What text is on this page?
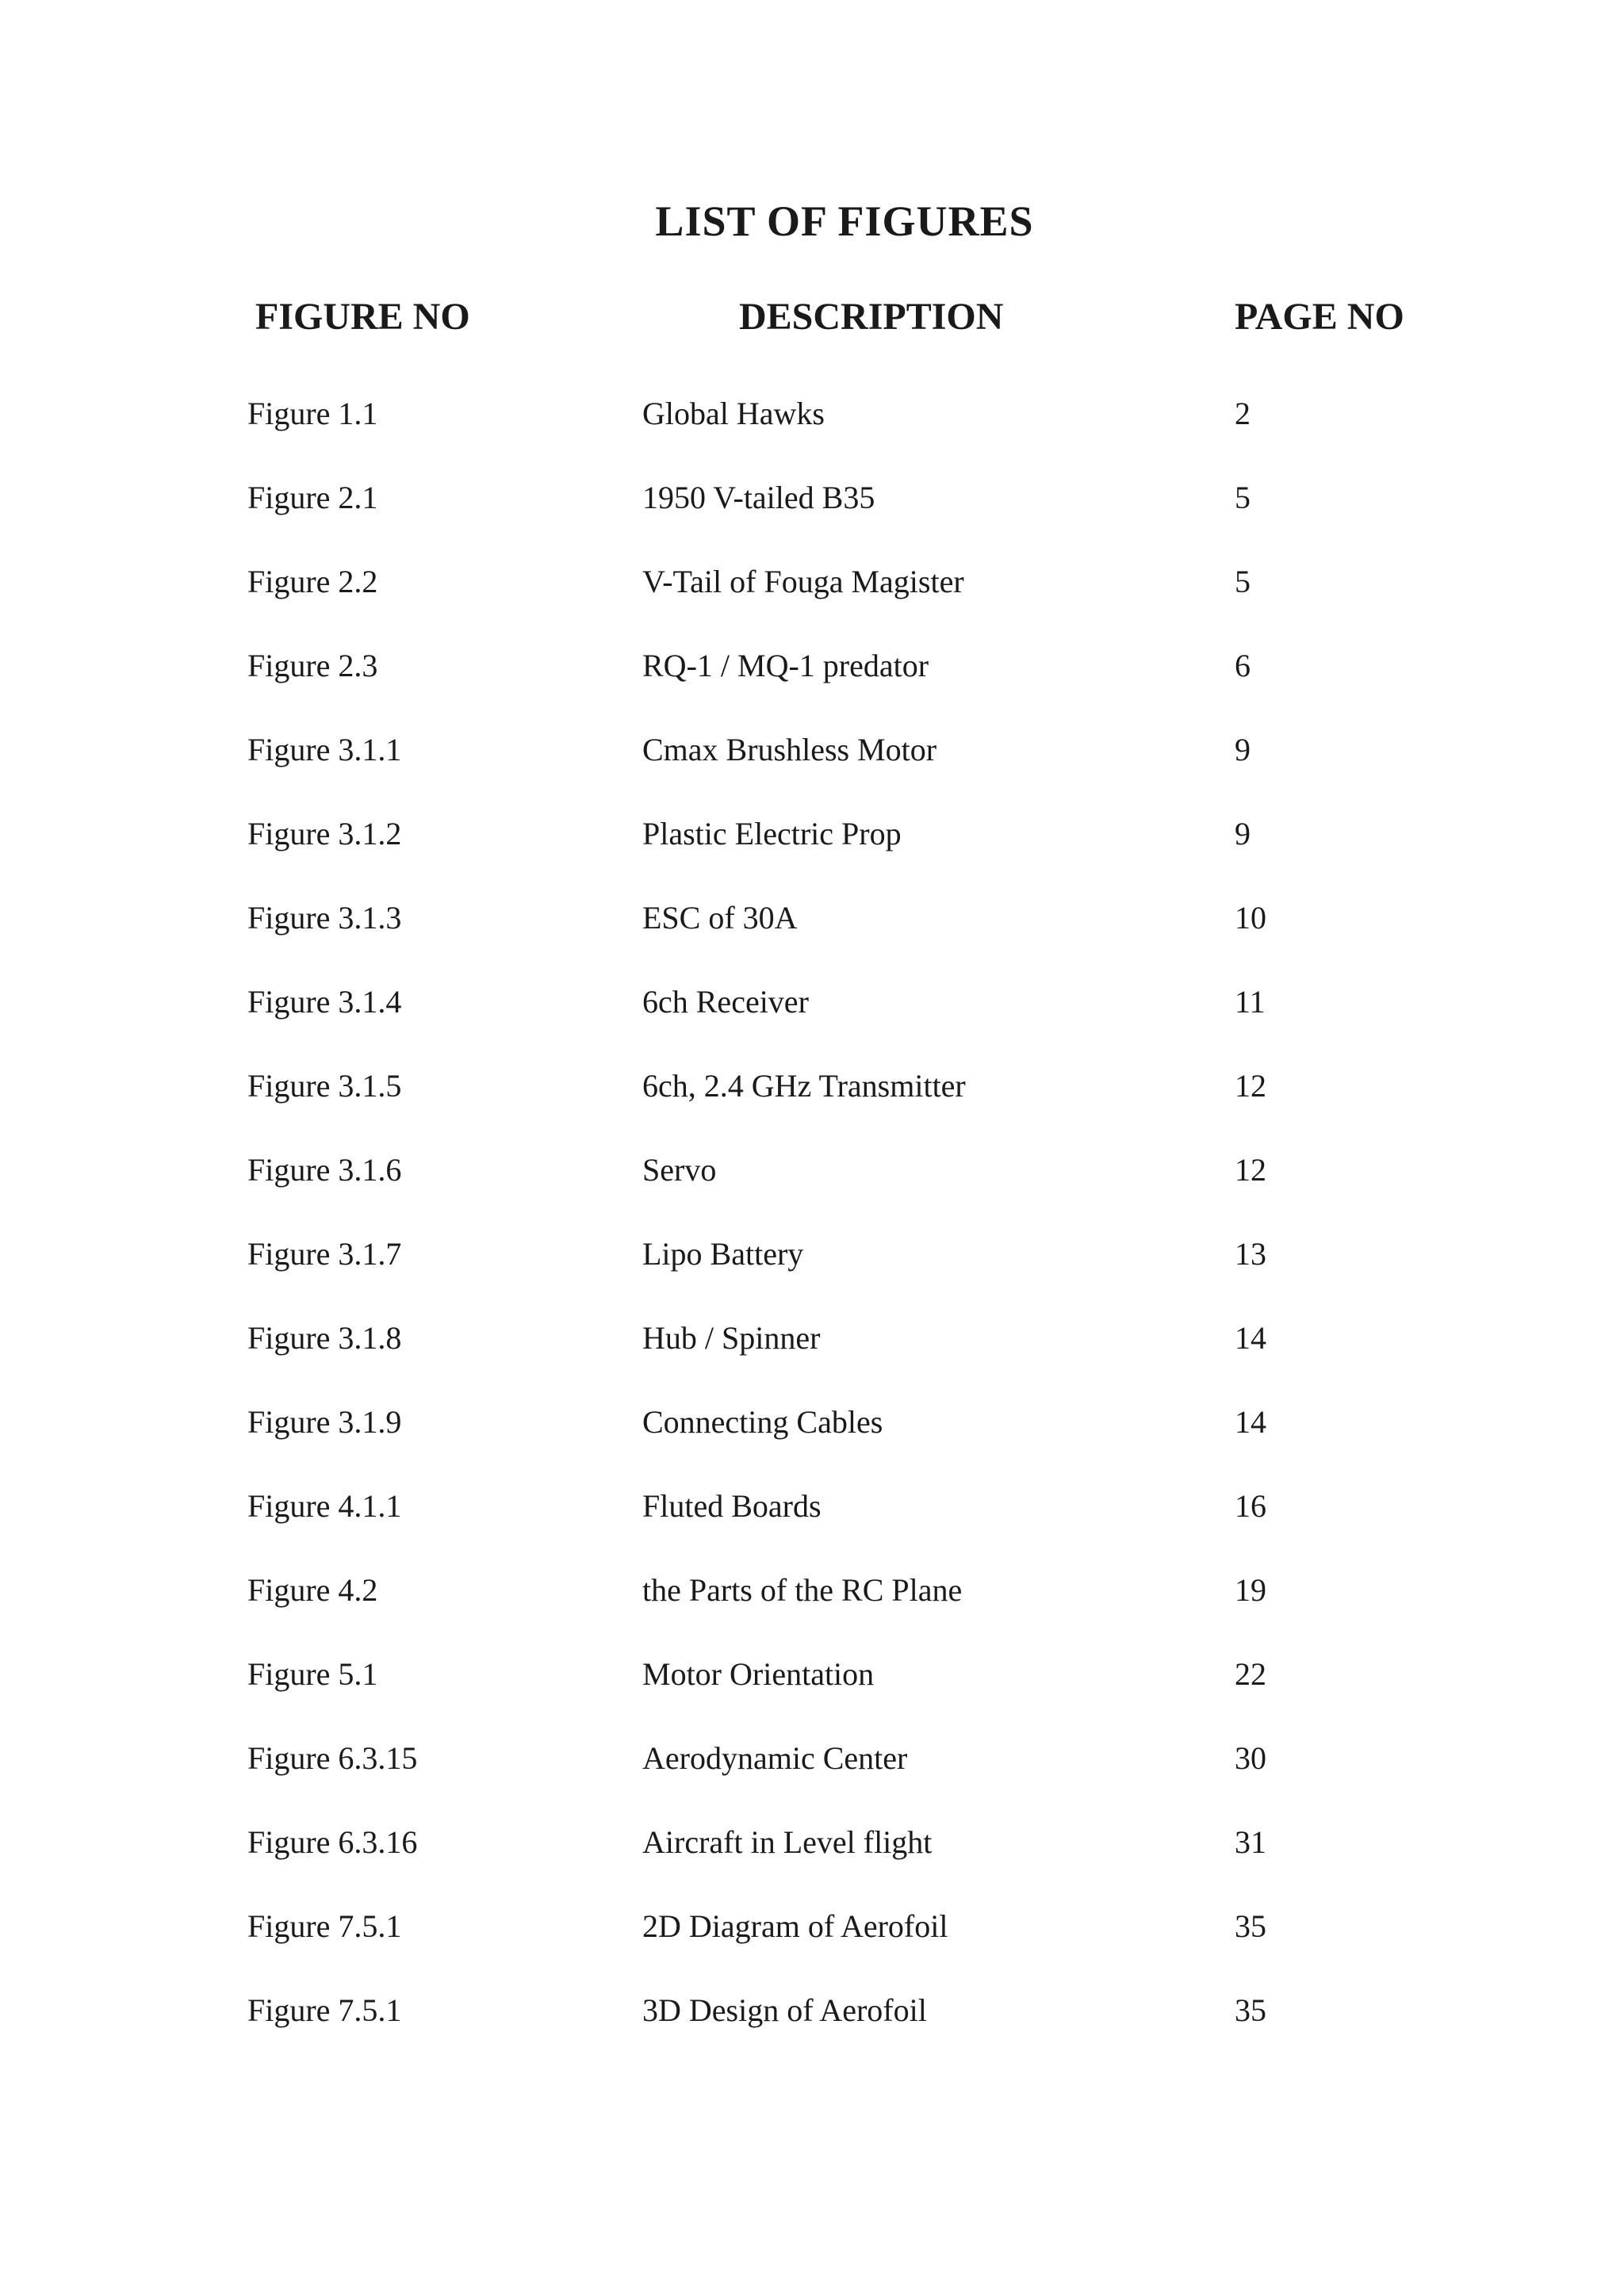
LIST OF FIGURES
FIGURE NO	DESCRIPTION	PAGE NO
Figure 1.1	Global Hawks	2
Figure 2.1	1950 V-tailed B35	5
Figure 2.2	V-Tail of Fouga Magister	5
Figure 2.3	RQ-1 / MQ-1 predator	6
Figure 3.1.1	Cmax Brushless Motor	9
Figure 3.1.2	Plastic Electric Prop	9
Figure 3.1.3	ESC of 30A	10
Figure 3.1.4	6ch Receiver	11
Figure 3.1.5	6ch, 2.4 GHz Transmitter	12
Figure 3.1.6	Servo	12
Figure 3.1.7	Lipo Battery	13
Figure 3.1.8	Hub / Spinner	14
Figure 3.1.9	Connecting Cables	14
Figure 4.1.1	Fluted Boards	16
Figure 4.2	the Parts of the RC Plane	19
Figure 5.1	Motor Orientation	22
Figure 6.3.15	Aerodynamic Center	30
Figure 6.3.16	Aircraft in Level flight	31
Figure 7.5.1	2D Diagram of Aerofoil	35
Figure 7.5.1	3D Design of Aerofoil	35
